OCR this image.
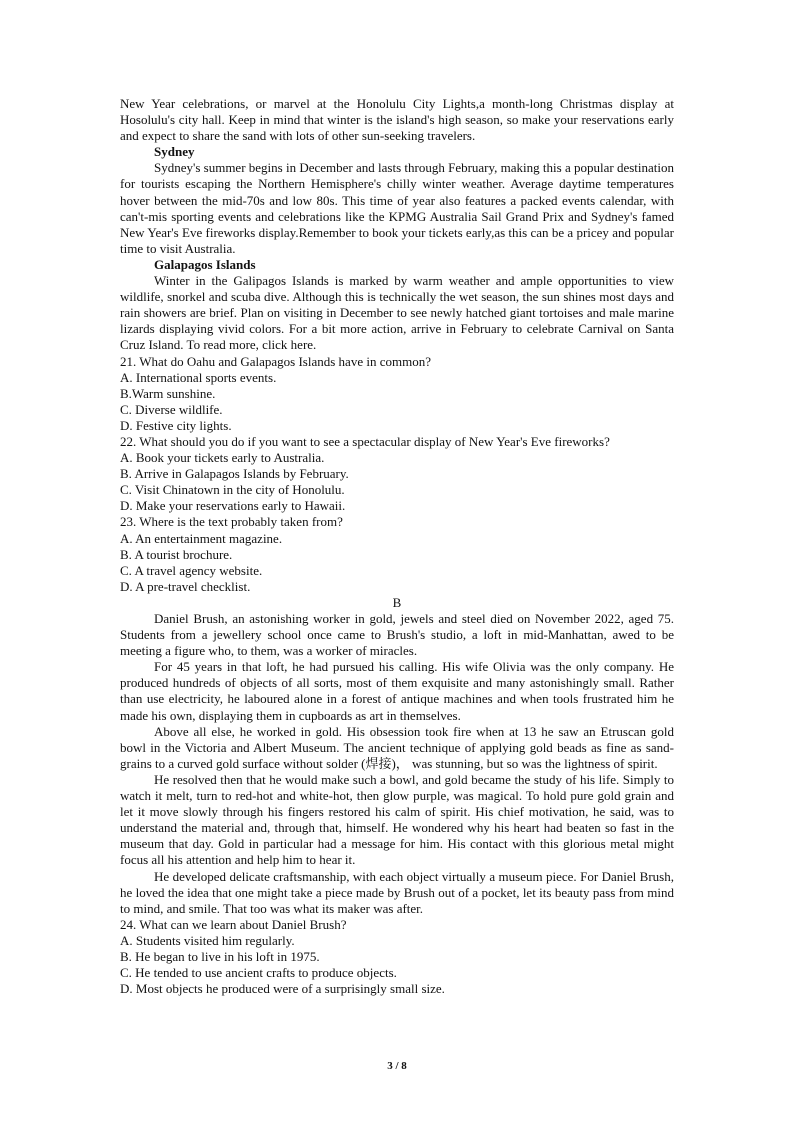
New Year celebrations, or marvel at the Honolulu City Lights,a month-long Christmas display at Hosolulu's city hall. Keep in mind that winter is the island's high season, so make your reservations early and expect to share the sand with lots of other sun-seeking travelers.

Sydney

Sydney's summer begins in December and lasts through February, making this a popular destination for tourists escaping the Northern Hemisphere's chilly winter weather. Average daytime temperatures hover between the mid-70s and low 80s. This time of year also features a packed events calendar, with can't-mis sporting events and celebrations like the KPMG Australia Sail Grand Prix and Sydney's famed New Year's Eve fireworks display.Remember to book your tickets early,as this can be a pricey and popular time to visit Australia.

Galapagos Islands

Winter in the Galipagos Islands is marked by warm weather and ample opportunities to view wildlife, snorkel and scuba dive. Although this is technically the wet season, the sun shines most days and rain showers are brief. Plan on visiting in December to see newly hatched giant tortoises and male marine lizards displaying vivid colors. For a bit more action, arrive in February to celebrate Carnival on Santa Cruz Island. To read more, click here.

21. What do Oahu and Galapagos Islands have in common?

A. International sports events.

B.Warm sunshine.

C. Diverse wildlife.

D. Festive city lights.

22. What should you do if you want to see a spectacular display of New Year's Eve fireworks?

A. Book your tickets early to Australia.

B. Arrive in Galapagos Islands by February.

C. Visit Chinatown in the city of Honolulu.

D. Make your reservations early to Hawaii.

23. Where is the text probably taken from?

A. An entertainment magazine.

B. A tourist brochure.

C. A travel agency website.

D. A pre-travel checklist.

B

Daniel Brush, an astonishing worker in gold, jewels and steel died on November 2022, aged 75. Students from a jewellery school once came to Brush's studio, a loft in mid-Manhattan, awed to be meeting a figure who, to them, was a worker of miracles.

For 45 years in that loft, he had pursued his calling. His wife Olivia was the only company. He produced hundreds of objects of all sorts, most of them exquisite and many astonishingly small. Rather than use electricity, he laboured alone in a forest of antique machines and when tools frustrated him he made his own, displaying them in cupboards as art in themselves.

Above all else, he worked in gold. His obsession took fire when at 13 he saw an Etruscan gold bowl in the Victoria and Albert Museum. The ancient technique of applying gold beads as fine as sand-grains to a curved gold surface without solder (焊接)， was stunning, but so was the lightness of spirit.

He resolved then that he would make such a bowl, and gold became the study of his life. Simply to watch it melt, turn to red-hot and white-hot, then glow purple, was magical. To hold pure gold grain and let it move slowly through his fingers restored his calm of spirit. His chief motivation, he said, was to understand the material and, through that, himself. He wondered why his heart had beaten so fast in the museum that day. Gold in particular had a message for him. His contact with this glorious metal might focus all his attention and help him to hear it.

He developed delicate craftsmanship, with each object virtually a museum piece. For Daniel Brush, he loved the idea that one might take a piece made by Brush out of a pocket, let its beauty pass from mind to mind, and smile. That too was what its maker was after.

24. What can we learn about Daniel Brush?

A. Students visited him regularly.

B. He began to live in his loft in 1975.

C. He tended to use ancient crafts to produce objects.

D. Most objects he produced were of a surprisingly small size.

3 / 8
